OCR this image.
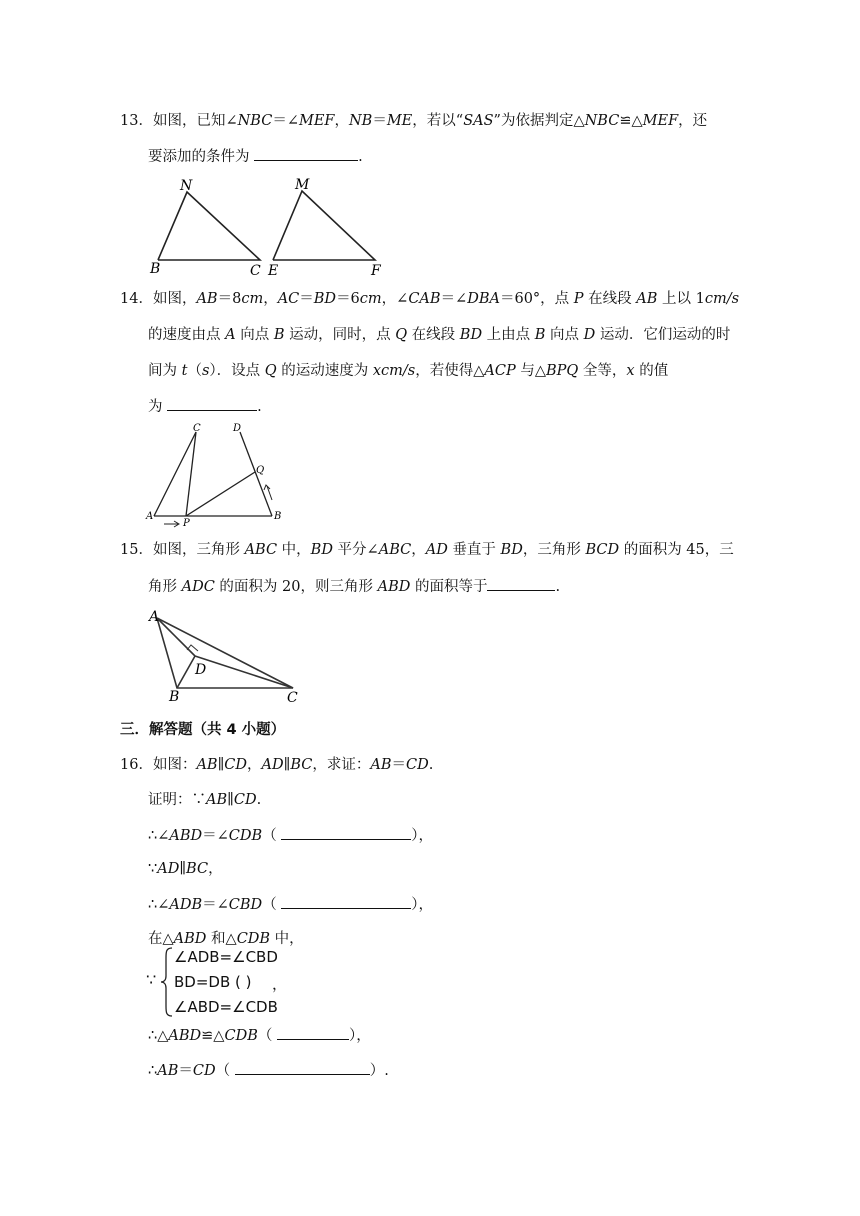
13．如图，已知∠NBC＝∠MEF，NB＝ME，若以“SAS”为依据判定△NBC≌△MEF，还
要添加的条件为	.
N
B	C
M
E	F
14．如图，AB＝8cm，AC＝BD＝6cm，∠CAB＝∠DBA＝60°，点 P 在线段 AB 上以 1cm/s
的速度由点 A 向点 B 运动，同时，点 Q 在线段 BD 上由点 B 向点 D 运动．它们运动的时
间为 t（s）．设点 Q 的运动速度为 xcm/s，若使得△ACP 与△BPQ 全等，x 的值
为	.
C	D
Q
A
P
B
15．如图，三角形 ABC 中，BD 平分∠ABC，AD 垂直于 BD，三角形 BCD 的面积为 45，三
角形 ADC 的面积为 20，则三角形 ABD 的面积等于	.
A
D
B	C
三．解答题（共 4 小题）
16．如图：AB∥CD，AD∥BC，求证：AB＝CD.
证明：∵AB∥CD.
∴∠ABD＝∠CDB（	），
∵AD∥BC，
∴∠ADB＝∠CBD（	），
在△ABD 和△CDB 中，
∵
∠ADB=∠CBD
BD=DB ( ) ，
∠ABD=∠CDB
∴△ABD≌△CDB（	），
∴AB＝CD（	）.
